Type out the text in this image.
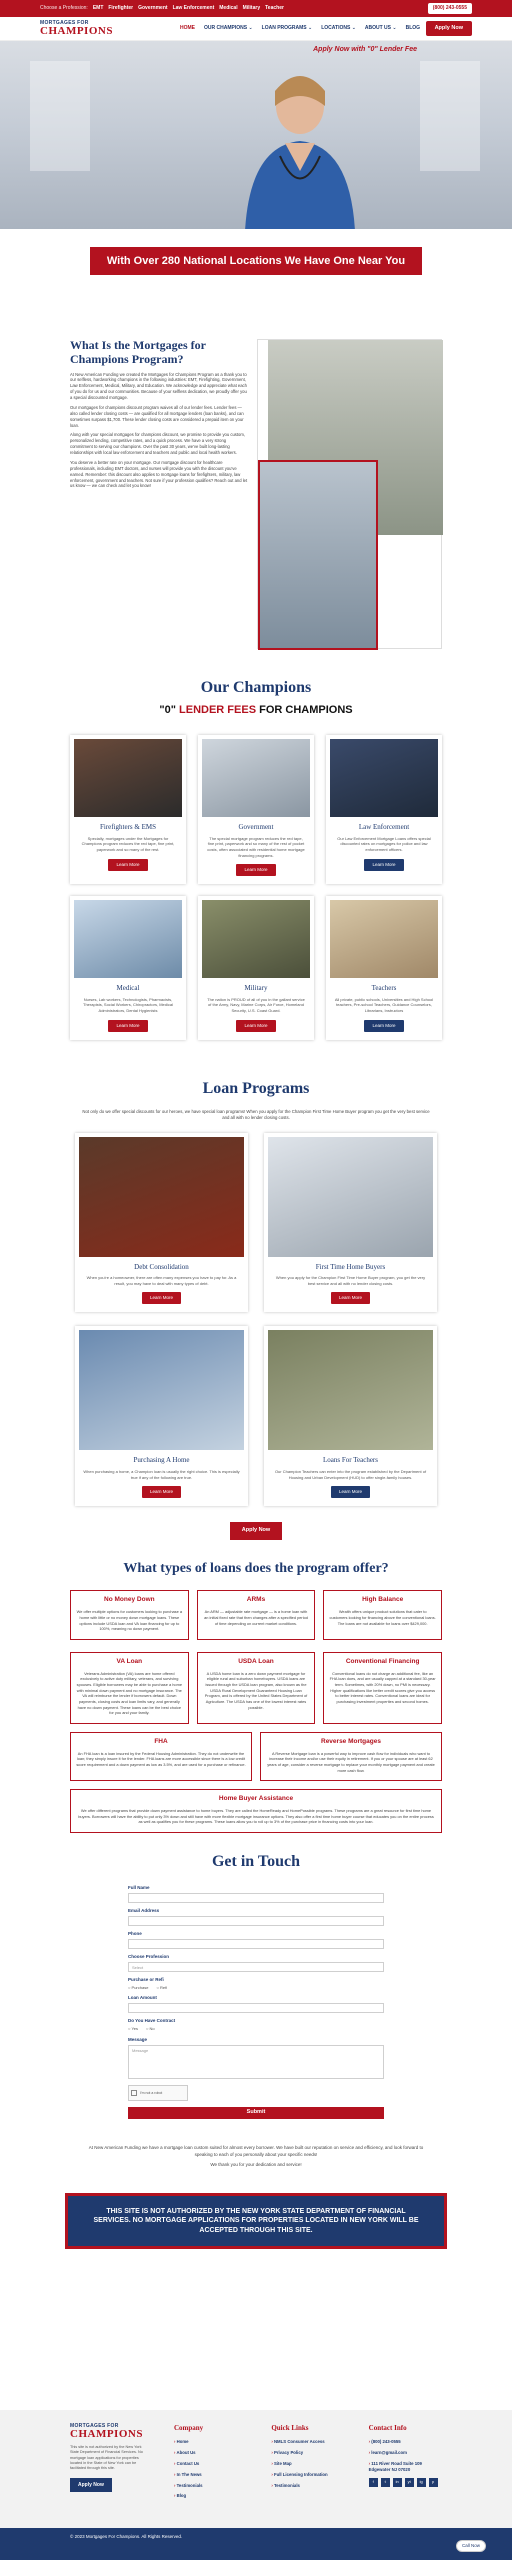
Choose a Profession: EMT Firefighter Government Law Enforcement Medical Military Teacher	(800) 243-0555
MORTGAGES FOR
CHAMPIONS	HOME OUR CHAMPIONS ⌄ LOAN PROGRAMS ⌄ LOCATIONS ⌄ ABOUT US ⌄ BLOG	Apply Now
Apply Now with "0" Lender Fee
With Over 280 National Locations We Have One Near You
What Is the Mortgages for Champions Program?

At New American Funding we created the Mortgages for Champions Program as a thank you to our selfless, hardworking champions in the following industries: EMT, Firefighting, Government, Law Enforcement, Medical, Military, and Education. We acknowledge and appreciate what each of you do for us and our communities. Because of your selfless dedication, we proudly offer you a special discounted mortgage.

Our mortgages for champions discount program waives all of our lender fees. Lender fees — also called lender closing costs — are qualified for all mortgage lenders (loan banks), and can sometimes surpass $1,700. These lender closing costs are considered a prepaid item on your loan.

Along with your special mortgages for champions discount, we promise to provide you custom, personalized lending, competitive rates, and a quick process. We have a very strong commitment to serving our champions. Over the past 30 years, we've built long-lasting relationships with local law enforcement and teachers and public and local health workers.

You deserve a better rate on your mortgage. Our mortgage discount for healthcare professionals, including EMT doctors, and nurses will provide you with the discount you've earned. Remember: this discount also applies to mortgage loans for firefighters, military, law enforcement, government and teachers. Not sure if your profession qualifies? Reach out and let us know — we can check and let you know!

Our Champions
"0" LENDER FEES FOR CHAMPIONS
Firefighters & EMS

Specially, mortgages under the Mortgages for Champions program reduces the red tape, fine print, paperwork and so many of the rest.

Learn More
Government

The special mortgage program reduces the red tape, fine print, paperwork and so many of the rest of pocket costs, often associated with residential home mortgage financing programs.

Learn More
Law Enforcement

Our Law Enforcement Mortgage Loans offers special discounted rates on mortgages for police and law enforcement officers.

Learn More
Medical

Nurses, Lab workers, Technologists, Pharmacists, Therapists, Social Workers, Chiropractors, Medical Administrators, Dental Hygienists

Learn More
Military

The nation is PROUD of all of you in the gallant service of the Army, Navy, Marine Corps, Air Force, Homeland Security, U.S. Coast Guard.

Learn More
Teachers

All private, public schools, Universities and High School teachers, Pre-school Teachers, Guidance Counselors, Librarians, Instructors

Learn More
Loan Programs

Not only do we offer special discounts for our heroes, we have special loan programs! When you apply for the Champion First Time Home Buyer program you get the very best service and all with no lender closing costs.

Debt Consolidation

When you're a homeowner, there are often many expenses you have to pay for. As a result, you may have to deal with many types of debt.

Learn More
First Time Home Buyers

When you apply for the Champion First Time Home Buyer program, you get the very best service and all with no lender closing costs.

Learn More
Purchasing A Home

When purchasing a home, a Champion loan is usually the right choice. This is especially true if any of the following are true.

Learn More
Loans For Teachers

Our Champion Teachers can enter into the program established by the Department of Housing and Urban Development (HUD) to offer single-family houses.

Learn More
Apply Now
What types of loans does the program offer?
No Money Down

We offer multiple options for customers looking to purchase a home with little or no money down mortgage loans. These options include USDA loan and VA loan financing for up to 100%, meaning no down payment.

ARMs

An ARM — adjustable rate mortgage — is a home loan with an initial fixed rate that then changes after a specified period of time depending on current market conditions.

High Balance

Wealth offers unique product solutions that cater to customers looking for financing above the conventional loans. The loans are not available for loans over $429,000.

VA Loan

Veterans Administration (VA) loans are home offered exclusively to active duty military, veterans, and surviving spouses. Eligible borrowers may be able to purchase a home with minimal down payment and no mortgage insurance. The VA will reimburse the lender if borrowers default. Down payments, closing costs and loan limits vary, and generally have no down payment. These loans can be the best choice for you and your family.

USDA Loan

A USDA home loan is a zero down payment mortgage for eligible rural and suburban homebuyers. USDA loans are issued through the USDA loan program, also known as the USDA Rural Development Guaranteed Housing Loan Program, and is offered by the United States Department of Agriculture. The USDA has one of the lowest interest rates possible.

Conventional Financing

Conventional loans do not charge an additional fee, like an FHA loan does, and are usually capped at a standard 30-year term. Sometimes, with 20% down, no PMI is necessary. Higher qualifications like better credit scores give you access to better interest rates. Conventional loans are ideal for purchasing investment properties and second homes.

FHA

An FHA loan is a loan insured by the Federal Housing Administration. They do not underwrite the loan; they simply insure it for the lender. FHA loans are more accessible since there is a low credit score requirement and a down payment as low as 3.5%, and are used for a purchase or refinance.

Reverse Mortgages

A Reverse Mortgage loan is a powerful way to improve cash flow for individuals who want to increase their income and/or use their equity in retirement. If you or your spouse are at least 62 years of age, consider a reverse mortgage to replace your monthly mortgage payment and create more cash flow.

Home Buyer Assistance

We offer different programs that provide down payment assistance to home buyers. They are called the HomeReady and HomePossible programs. These programs are a great resource for first time home buyers. Borrowers will have the ability to put only 3% down and still have with more flexible mortgage insurance options. They also offer a first time home buyer course that educates you on the entire process as well as qualifies you for these programs. These loans allow you to roll up to 3% of the purchase price in financing costs into your loan.

Get in Touch
Full Name
Email Address
Phone
Choose Profession
Select
Purchase or Refi
○ Purchase ○ Refi
Loan Amount
Do You Have Contract
○ Yes ○ No
Message
Message
I'm not a robot
Submit

At New American Funding we have a mortgage loan custom suited for almost every borrower. We have built our reputation on service and efficiency, and look forward to speaking to each of you personally about your specific needs!

We thank you for your dedication and service!

THIS SITE IS NOT AUTHORIZED BY THE NEW YORK STATE DEPARTMENT OF FINANCIAL SERVICES. NO MORTGAGE APPLICATIONS FOR PROPERTIES LOCATED IN NEW YORK WILL BE ACCEPTED THROUGH THIS SITE.
MORTGAGES FOR
CHAMPIONS

This site is not authorized by the New York State Department of Financial Services. No mortgage loan applications for properties located in the State of New York can be facilitated through this site.

Apply Now
Company
› Home
› About Us
› Contact Us
› In The News
› Testimonials
› Blog
Quick Links
› NMLS Consumer Access
› Privacy Policy
› Site Map
› Full Licensing Information
› Testimonials
Contact Info
› (800) 243-0555
› learn@gmail.com
› 111 River Road Suite 109 Edgewater NJ 07020
f	t	in	yt	ig	p
© 2023 Mortgages For Champions. All Rights Reserved.
Call Now
